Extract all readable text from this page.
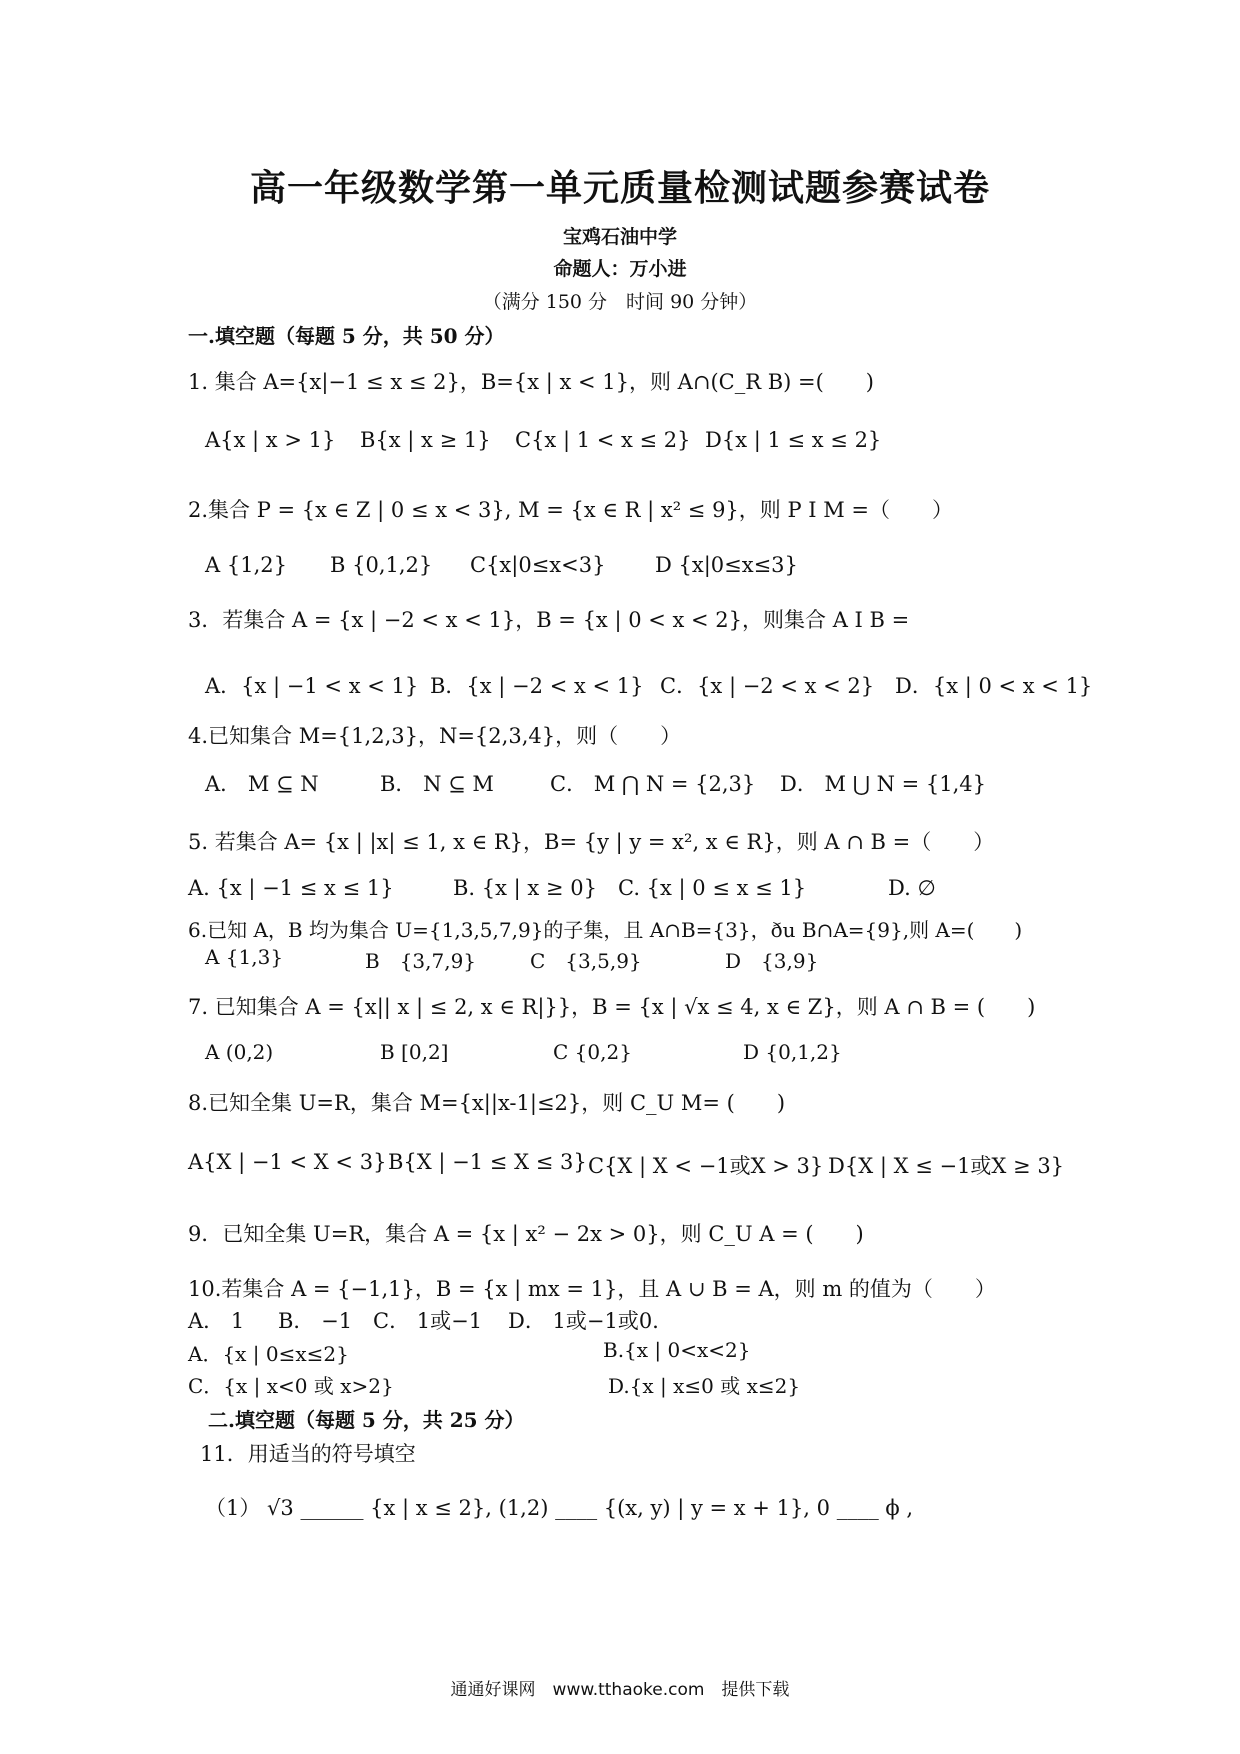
高一年级数学第一单元质量检测试题参赛试卷
宝鸡石油中学
命题人：万小进
（满分 150 分　时间 90 分钟）
一.填空题（每题 5 分，共 50 分）
1. 集合 A={x|−1 ≤ x ≤ 2}，B={x | x < 1}，则 A∩(C_R B) =(　　)
A{x | x > 1} B{x | x ≥ 1} C{x | 1 < x ≤ 2} D{x | 1 ≤ x ≤ 2}
2.集合 P = {x ∈ Z | 0 ≤ x < 3}, M = {x ∈ R | x² ≤ 9}，则 P I M =（　　）
A {1,2} B {0,1,2} C{x|0≤x<3} D {x|0≤x≤3}
3．若集合 A = {x | −2 < x < 1}，B = {x | 0 < x < 2}，则集合 A I B =
A．{x | −1 < x < 1} B．{x | −2 < x < 1} C．{x | −2 < x < 2} D．{x | 0 < x < 1}
4.已知集合 M={1,2,3}，N={2,3,4}，则（　　）
A． M ⊆ N	B． N ⊆ M	C． M ⋂ N = {2,3} D． M ⋃ N = {1,4}
5. 若集合 A= {x | |x| ≤ 1, x ∈ R}，B= {y | y = x², x ∈ R}，则 A ∩ B =（　　）
A. {x | −1 ≤ x ≤ 1}	B. {x | x ≥ 0} C. {x | 0 ≤ x ≤ 1}	D. ∅
6.已知 A，B 均为集合 U={1,3,5,7,9}的子集，且 A∩B={3}，ðu B∩A={9},则 A=(　　)
A {1,3}	B　{3,7,9}	C　{3,5,9}	D　{3,9}
7. 已知集合 A = {x|| x | ≤ 2, x ∈ R|}}，B = {x | √x ≤ 4, x ∈ Z}，则 A ∩ B = (　　)
A (0,2)	B [0,2]	C {0,2}	D {0,1,2}
8.已知全集 U=R，集合 M={x||x-1|≤2}，则 C_U M= (　　)
A{X | −1 < X < 3} B{X | −1 ≤ X ≤ 3} C{X | X < −1或X > 3} D{X | X ≤ −1或X ≥ 3}
9．已知全集 U=R，集合 A = {x | x² − 2x > 0}，则 C_U A = (　　)
10.若集合 A = {−1,1}，B = {x | mx = 1}，且 A ∪ B = A，则 m 的值为（　　）
A． 1 B． −1 C． 1或−1 D． 1或−1或0．
A．{x | 0≤x≤2}	B.{x | 0<x<2}
C．{x | x<0 或 x>2}	D.{x | x≤0 或 x≤2}
二.填空题（每题 5 分，共 25 分）
11．用适当的符号填空
（1） √3 ______ {x | x ≤ 2}, (1,2) ____ {(x, y) | y = x + 1}, 0 ____ ϕ ,
通通好课网　www.tthaoke.com　提供下载
